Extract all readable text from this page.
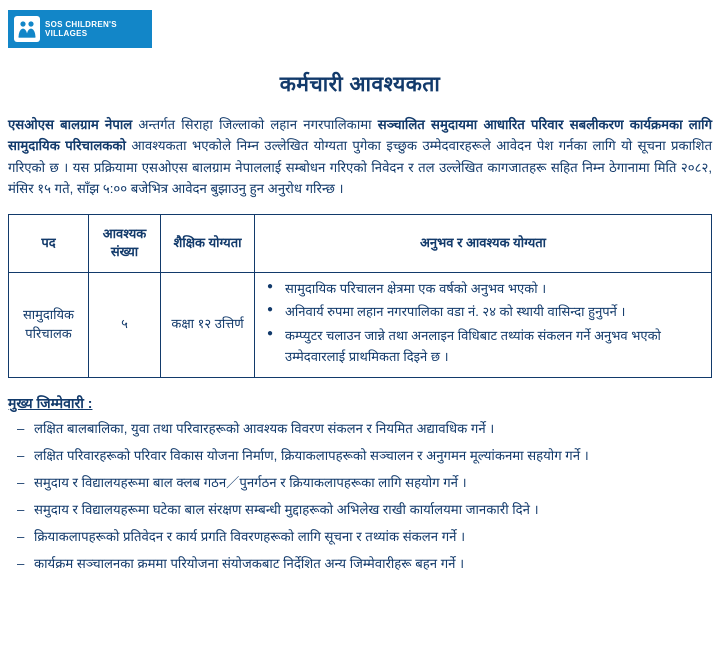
SOS CHILDREN'S
VILLAGES
कर्मचारी आवश्यकता

एसओएस बालग्राम नेपाल अन्तर्गत सिराहा जिल्लाको लहान नगरपालिकामा सञ्चालित समुदायमा आधारित परिवार सबलीकरण कार्यक्रमका लागि सामुदायिक परिचालकको आवश्यकता भएकोले निम्न उल्लेखित योग्यता पुगेका इच्छुक उम्मेदवारहरूले आवेदन पेश गर्नका लागि यो सूचना प्रकाशित गरिएको छ । यस प्रक्रियामा एसओएस बालग्राम नेपाललाई सम्बोधन गरिएको निवेदन र तल उल्लेखित कागजातहरू सहित निम्न ठेगानामा मिति २०८२, मंसिर १५ गते, साँझ ५:०० बजेभित्र आवेदन बुझाउनु हुन अनुरोध गरिन्छ ।

पद	आवश्यक संख्या	शैक्षिक योग्यता	अनुभव र आवश्यक योग्यता
सामुदायिक परिचालक	५	कक्षा १२ उत्तिर्ण	
● सामुदायिक परिचालन क्षेत्रमा एक वर्षको अनुभव भएको ।
● अनिवार्य रुपमा लहान नगरपालिका वडा नं. २४ को स्थायी वासिन्दा हुनुपर्ने ।
● कम्प्युटर चलाउन जान्ने तथा अनलाइन विधिबाट तथ्यांक संकलन गर्ने अनुभव भएको उम्मेदवारलाई प्राथमिकता दिइने छ ।
मुख्य जिम्मेवारी :
– लक्षित बालबालिका, युवा तथा परिवारहरूको आवश्यक विवरण संकलन र नियमित अद्यावधिक गर्ने ।
– लक्षित परिवारहरूको परिवार विकास योजना निर्माण, क्रियाकलापहरूको सञ्चालन र अनुगमन मूल्यांकनमा सहयोग गर्ने ।
– समुदाय र विद्यालयहरूमा बाल क्लब गठन／पुनर्गठन र क्रियाकलापहरूका लागि सहयोग गर्ने ।
– समुदाय र विद्यालयहरूमा घटेका बाल संरक्षण सम्बन्धी मुद्दाहरूको अभिलेख राखी कार्यालयमा जानकारी दिने ।
– क्रियाकलापहरूको प्रतिवेदन र कार्य प्रगति विवरणहरूको लागि सूचना र तथ्यांक संकलन गर्ने ।
– कार्यक्रम सञ्चालनका क्रममा परियोजना संयोजकबाट निर्देशित अन्य जिम्मेवारीहरू बहन गर्ने ।
